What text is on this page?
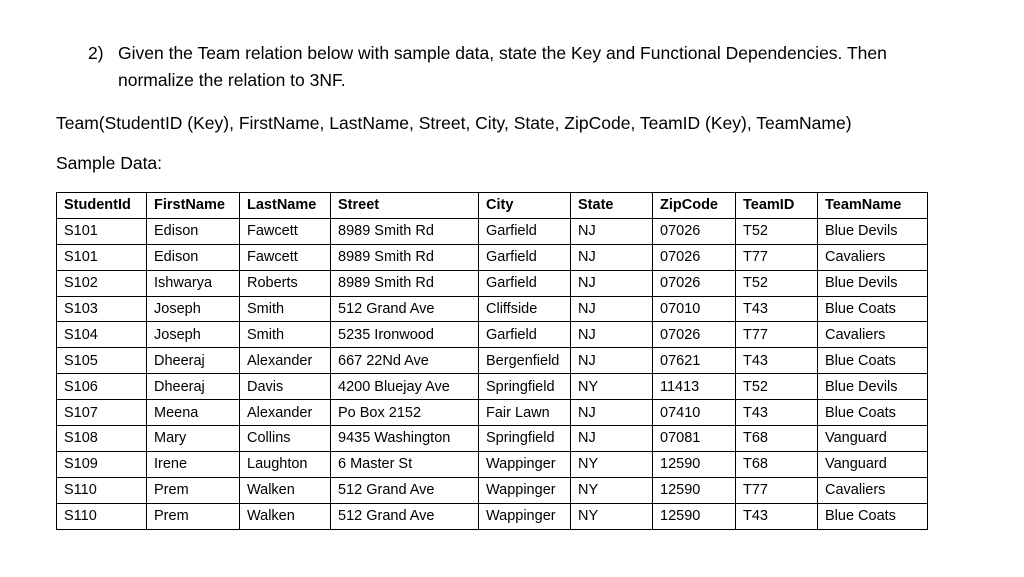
2) Given the Team relation below with sample data, state the Key and Functional Dependencies. Then
normalize the relation to 3NF.
Team(StudentID (Key), FirstName, LastName, Street, City, State, ZipCode, TeamID (Key), TeamName)
Sample Data:
StudentId	FirstName	LastName	Street	City	State	ZipCode	TeamID	TeamName
S101	Edison	Fawcett	8989 Smith Rd	Garfield	NJ	07026	T52	Blue Devils
S101	Edison	Fawcett	8989 Smith Rd	Garfield	NJ	07026	T77	Cavaliers
S102	Ishwarya	Roberts	8989 Smith Rd	Garfield	NJ	07026	T52	Blue Devils
S103	Joseph	Smith	512 Grand Ave	Cliffside	NJ	07010	T43	Blue Coats
S104	Joseph	Smith	5235 Ironwood	Garfield	NJ	07026	T77	Cavaliers
S105	Dheeraj	Alexander	667 22Nd Ave	Bergenfield	NJ	07621	T43	Blue Coats
S106	Dheeraj	Davis	4200 Bluejay Ave	Springfield	NY	11413	T52	Blue Devils
S107	Meena	Alexander	Po Box 2152	Fair Lawn	NJ	07410	T43	Blue Coats
S108	Mary	Collins	9435 Washington	Springfield	NJ	07081	T68	Vanguard
S109	Irene	Laughton	6 Master St	Wappinger	NY	12590	T68	Vanguard
S110	Prem	Walken	512 Grand Ave	Wappinger	NY	12590	T77	Cavaliers
S110	Prem	Walken	512 Grand Ave	Wappinger	NY	12590	T43	Blue Coats
